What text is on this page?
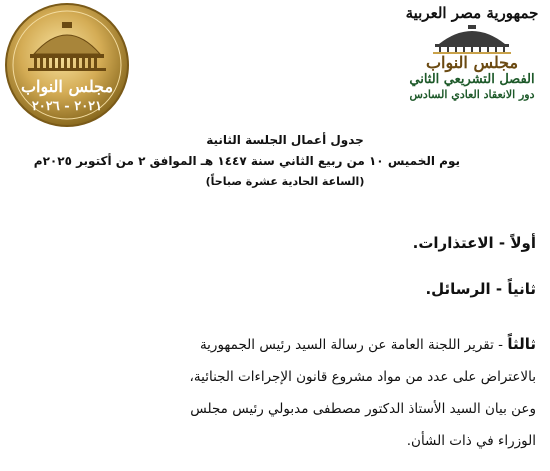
مجلس النواب
٢٠٢١ - ٢٠٢٦
جمهورية مصر العربية
مجلس النواب
الفصل التشريعي الثاني
دور الانعقاد العادي السادس
جدول أعمال الجلسة الثانية
يوم الخميس ١٠ من ربيع الثاني سنة ١٤٤٧ هـ الموافق ٢ من أكتوبر ٢٠٢٥م
(الساعة الحادية عشرة صباحاً)
أولاً - الاعتذارات.
ثانياً - الرسائل.

ثالثاً - تقرير اللجنة العامة عن رسالة السيد رئيس الجمهورية

بالاعتراض على عدد من مواد مشروع قانون الإجراءات الجنائية،

وعن بيان السيد الأستاذ الدكتور مصطفى مدبولي رئيس مجلس

الوزراء في ذات الشأن.
